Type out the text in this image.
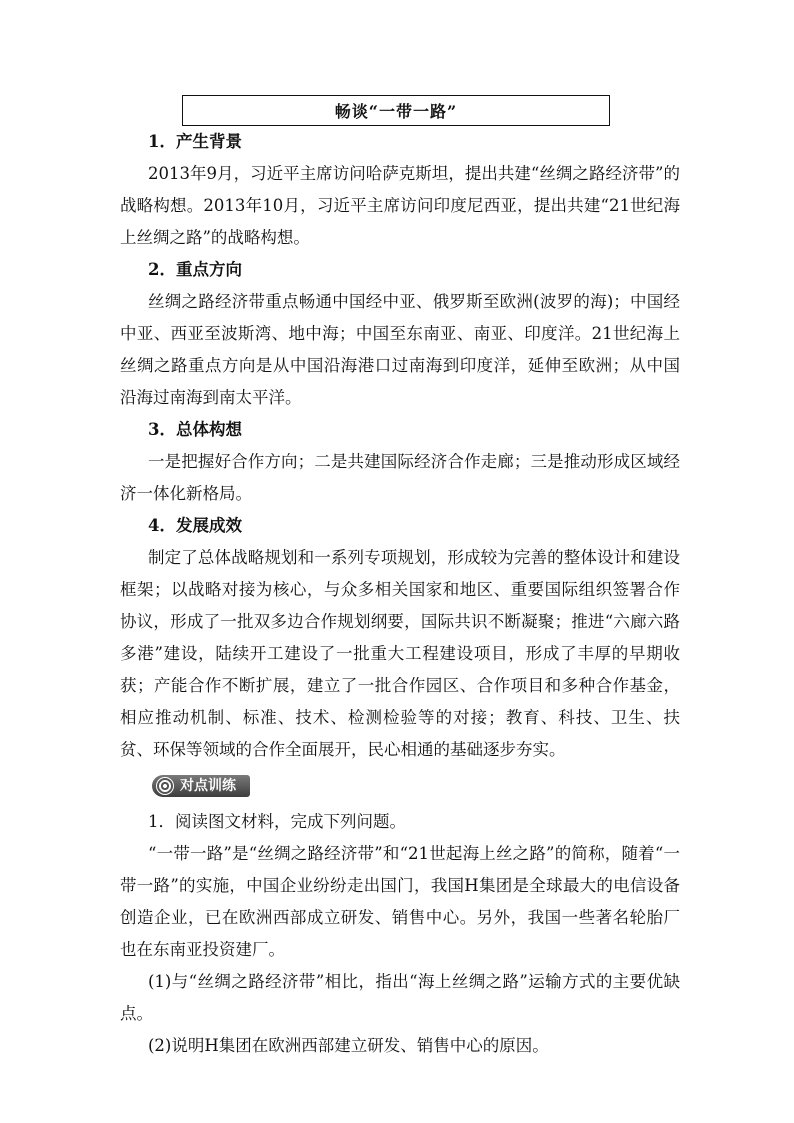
畅谈“一带一路”

1．产生背景

2013年9月，习近平主席访问哈萨克斯坦，提出共建“丝绸之路经济带”的战略构想。2013年10月，习近平主席访问印度尼西亚，提出共建“21世纪海上丝绸之路”的战略构想。

2．重点方向

丝绸之路经济带重点畅通中国经中亚、俄罗斯至欧洲(波罗的海)；中国经中亚、西亚至波斯湾、地中海；中国至东南亚、南亚、印度洋。21世纪海上丝绸之路重点方向是从中国沿海港口过南海到印度洋，延伸至欧洲；从中国沿海过南海到南太平洋。

3．总体构想

一是把握好合作方向；二是共建国际经济合作走廊；三是推动形成区域经济一体化新格局。

4．发展成效

制定了总体战略规划和一系列专项规划，形成较为完善的整体设计和建设框架；以战略对接为核心，与众多相关国家和地区、重要国际组织签署合作协议，形成了一批双多边合作规划纲要，国际共识不断凝聚；推进“六廊六路多港”建设，陆续开工建设了一批重大工程建设项目，形成了丰厚的早期收获；产能合作不断扩展，建立了一批合作园区、合作项目和多种合作基金，相应推动机制、标准、技术、检测检验等的对接；教育、科技、卫生、扶贫、环保等领域的合作全面展开，民心相通的基础逐步夯实。

对点训练

1．阅读图文材料，完成下列问题。

“一带一路”是“丝绸之路经济带”和“21世起海上丝之路”的简称，随着“一带一路”的实施，中国企业纷纷走出国门，我国H集团是全球最大的电信设备创造企业，已在欧洲西部成立研发、销售中心。另外，我国一些著名轮胎厂也在东南亚投资建厂。

(1)与“丝绸之路经济带”相比，指出“海上丝绸之路”运输方式的主要优缺点。

(2)说明H集团在欧洲西部建立研发、销售中心的原因。
